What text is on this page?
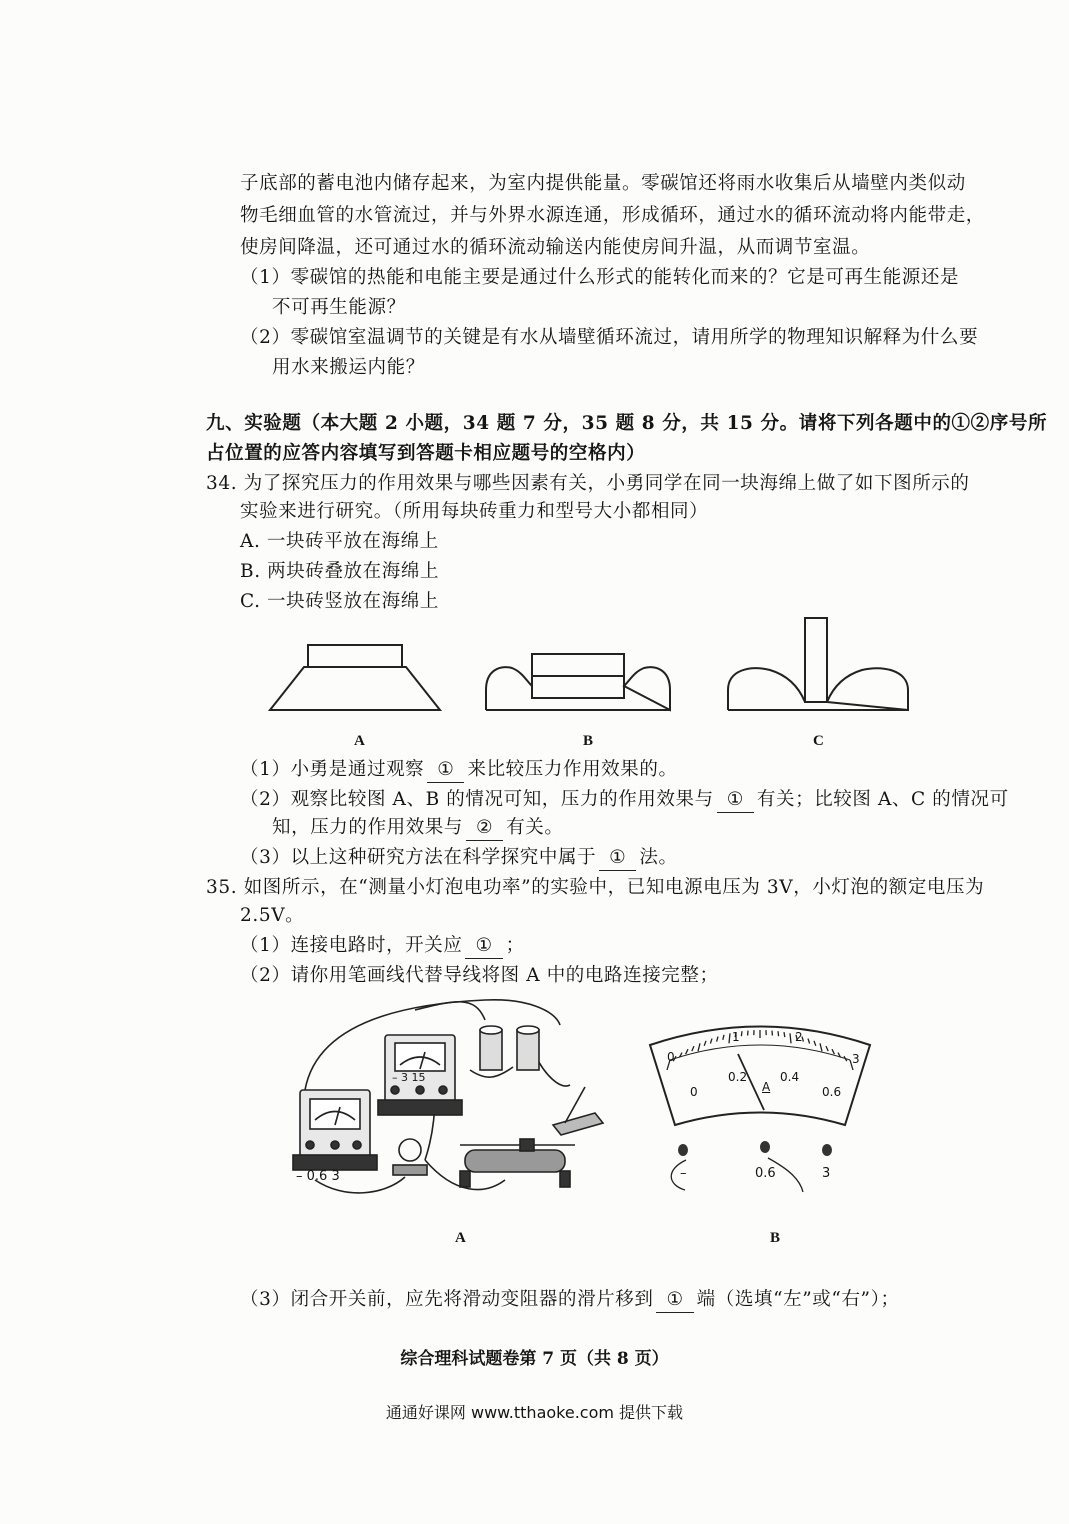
子底部的蓄电池内储存起来，为室内提供能量。零碳馆还将雨水收集后从墙壁内类似动
物毛细血管的水管流过，并与外界水源连通，形成循环，通过水的循环流动将内能带走，
使房间降温，还可通过水的循环流动输送内能使房间升温，从而调节室温。
（1）零碳馆的热能和电能主要是通过什么形式的能转化而来的？它是可再生能源还是
不可再生能源？
（2）零碳馆室温调节的关键是有水从墙壁循环流过，请用所学的物理知识解释为什么要
用水来搬运内能？
九、实验题（本大题 2 小题，34 题 7 分，35 题 8 分，共 15 分。请将下列各题中的①②序号所
占位置的应答内容填写到答题卡相应题号的空格内）
34. 为了探究压力的作用效果与哪些因素有关，小勇同学在同一块海绵上做了如下图所示的
实验来进行研究。（所用每块砖重力和型号大小都相同）
A. 一块砖平放在海绵上
B. 两块砖叠放在海绵上
C. 一块砖竖放在海绵上
A	B	C
（1）小勇是通过观察 ① 来比较压力作用效果的。
（2）观察比较图 A、B 的情况可知，压力的作用效果与 ① 有关；比较图 A、C 的情况可
知，压力的作用效果与 ② 有关。
（3）以上这种研究方法在科学探究中属于 ① 法。
35. 如图所示，在“测量小灯泡电功率”的实验中，已知电源电压为 3V，小灯泡的额定电压为
2.5V。
（1）连接电路时，开关应 ① ；
（2）请你用笔画线代替导线将图 A 中的电路连接完整；
– 0.6 3
– 3 15
A
0
1	2
3
0
0.2	0.4
0.6
A
–	0.6	3
B
（3）闭合开关前，应先将滑动变阻器的滑片移到 ① 端（选填“左”或“右”）；
综合理科试题卷第 7 页（共 8 页）
通通好课网 www.tthaoke.com 提供下载
